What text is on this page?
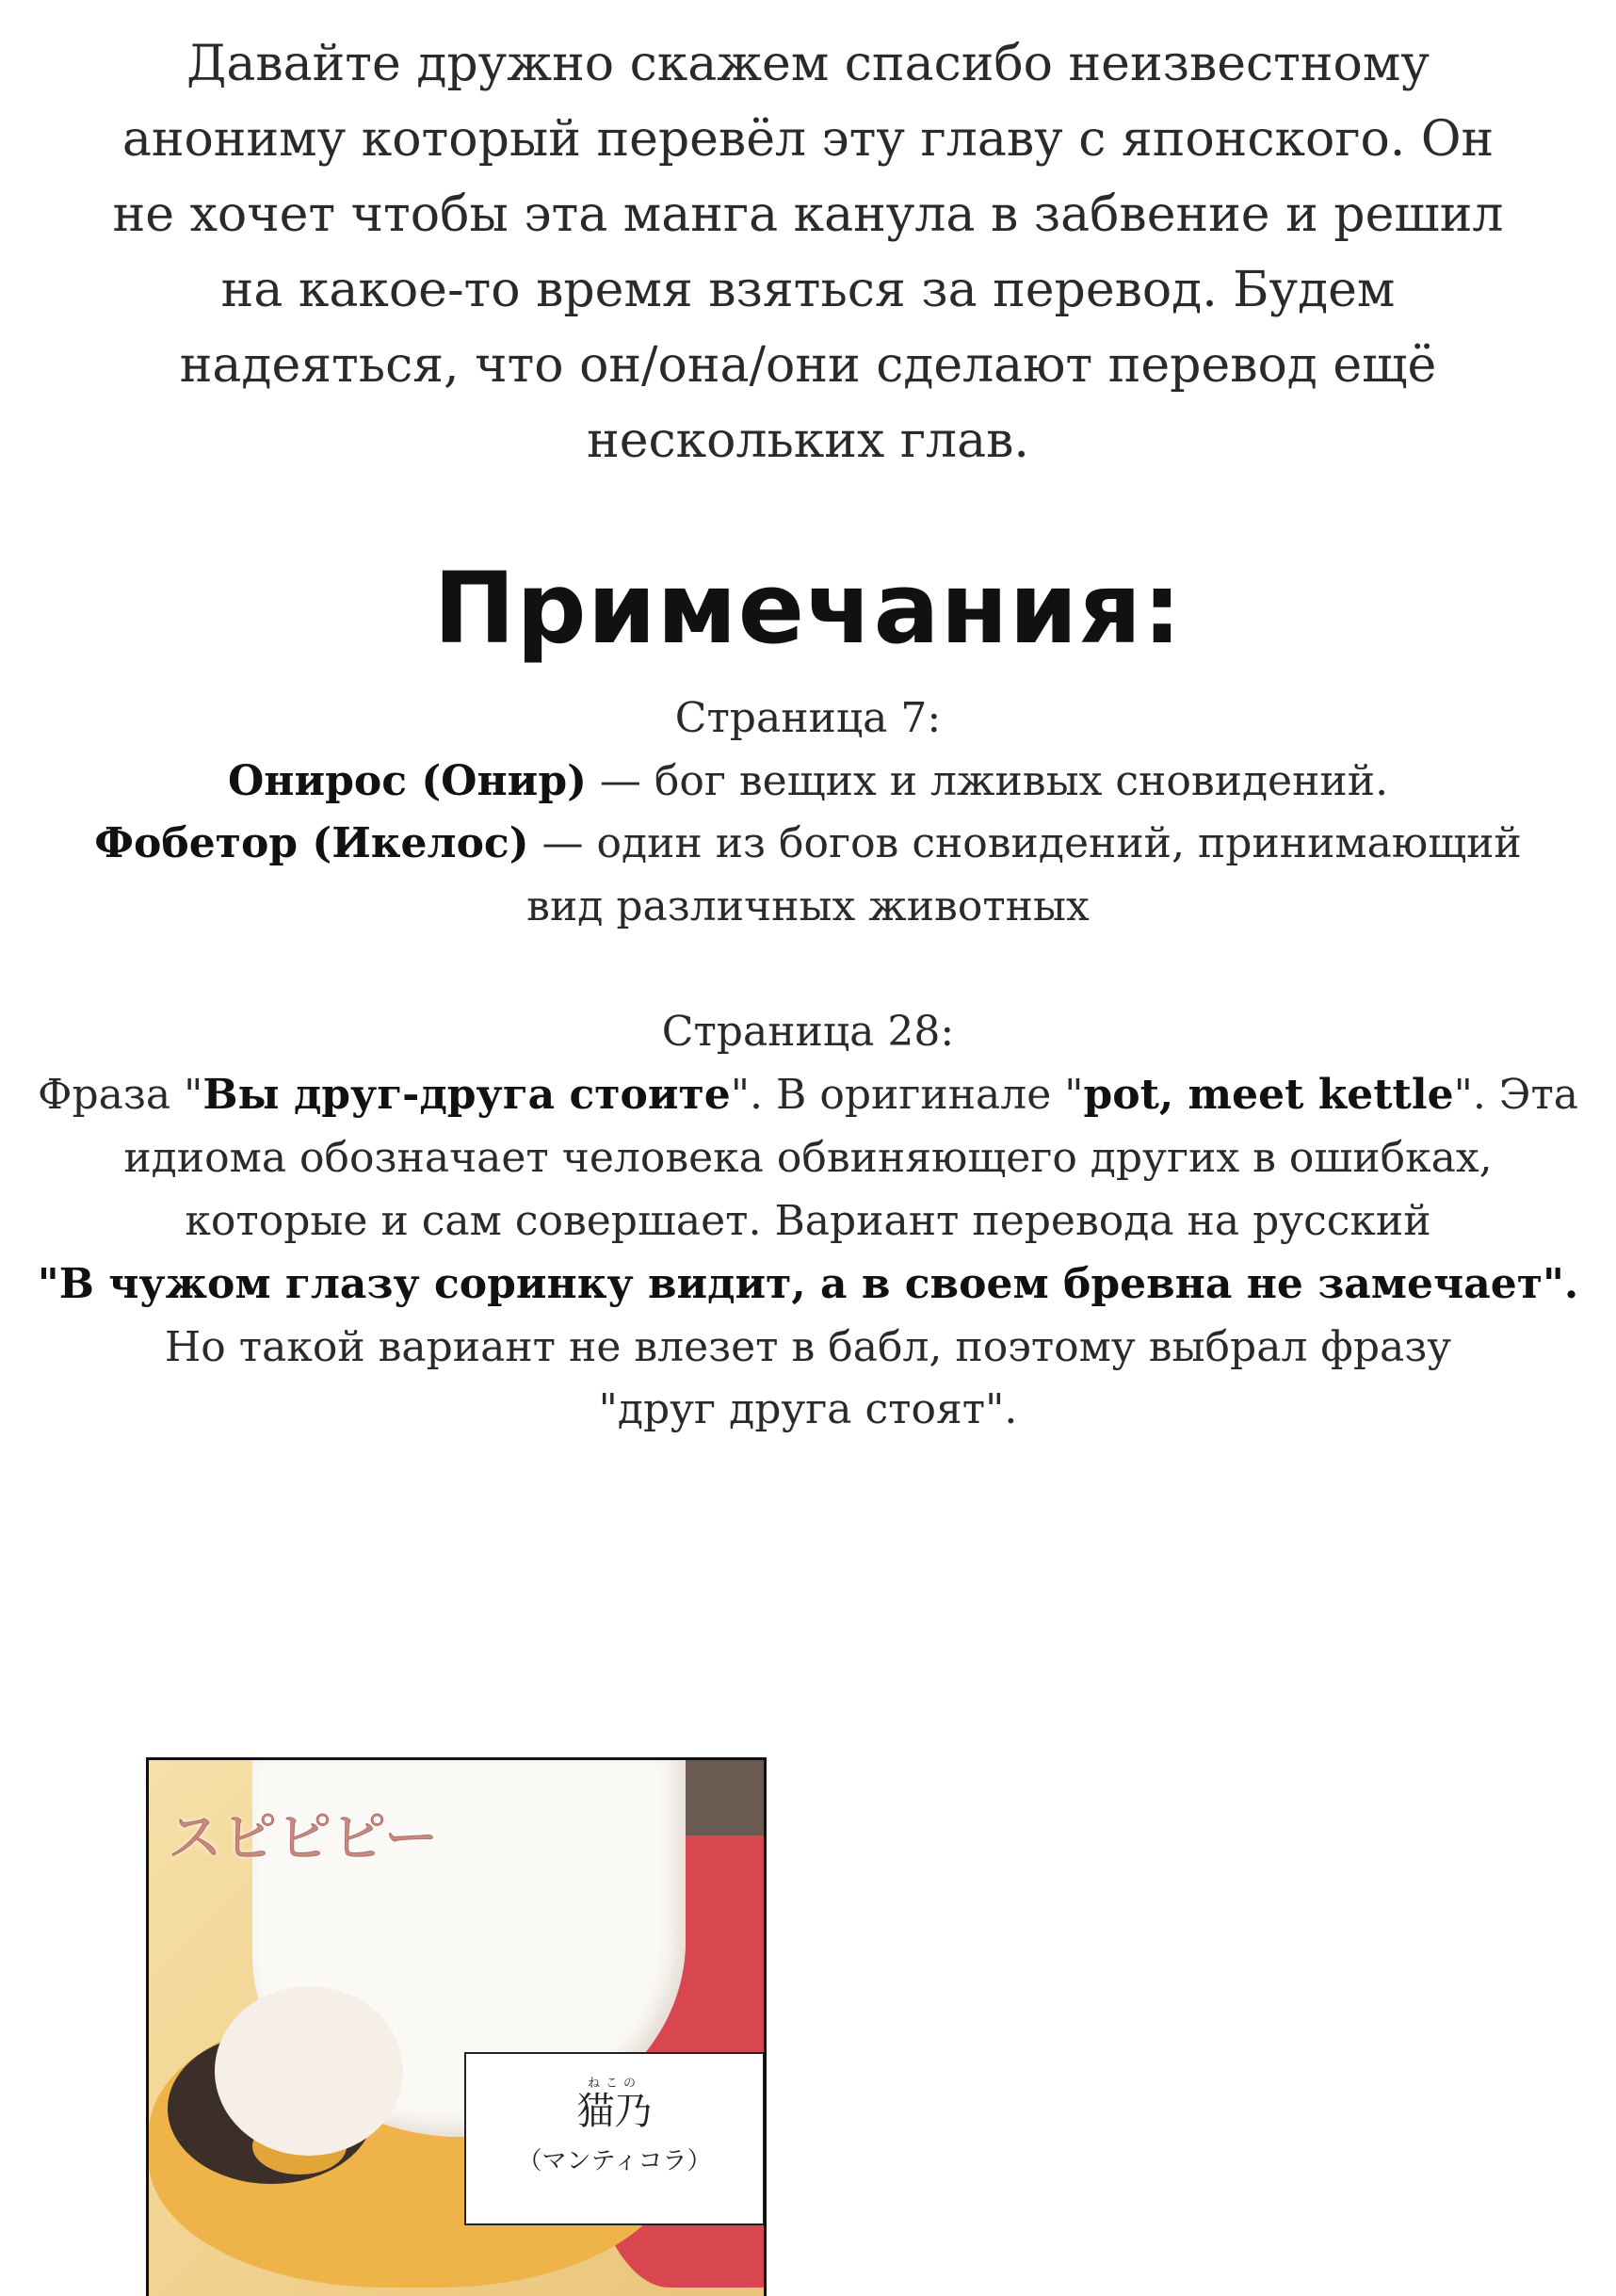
Давайте дружно скажем спасибо неизвестному
анониму который перевёл эту главу с японского. Он
не хочет чтобы эта манга канула в забвение и решил
на какое-то время взяться за перевод. Будем
надеяться, что он/она/они сделают перевод ещё
нескольких глав.
Примечания:
Страница 7:
Онирос (Онир) — бог вещих и лживых сновидений.
Фобетор (Икелос) — один из богов сновидений, принимающий
вид различных животных
Страница 28:
Фраза "Вы друг-друга стоите". В оригинале "pot, meet kettle". Эта
идиома обозначает человека обвиняющего других в ошибках,
которые и сам совершает. Вариант перевода на русский
"В чужом глазу соринку видит, а в своем бревна не замечает".
Но такой вариант не влезет в бабл, поэтому выбрал фразу
"друг друга стоят".
スピピピー
ねこの
猫乃
（マンティコラ）
